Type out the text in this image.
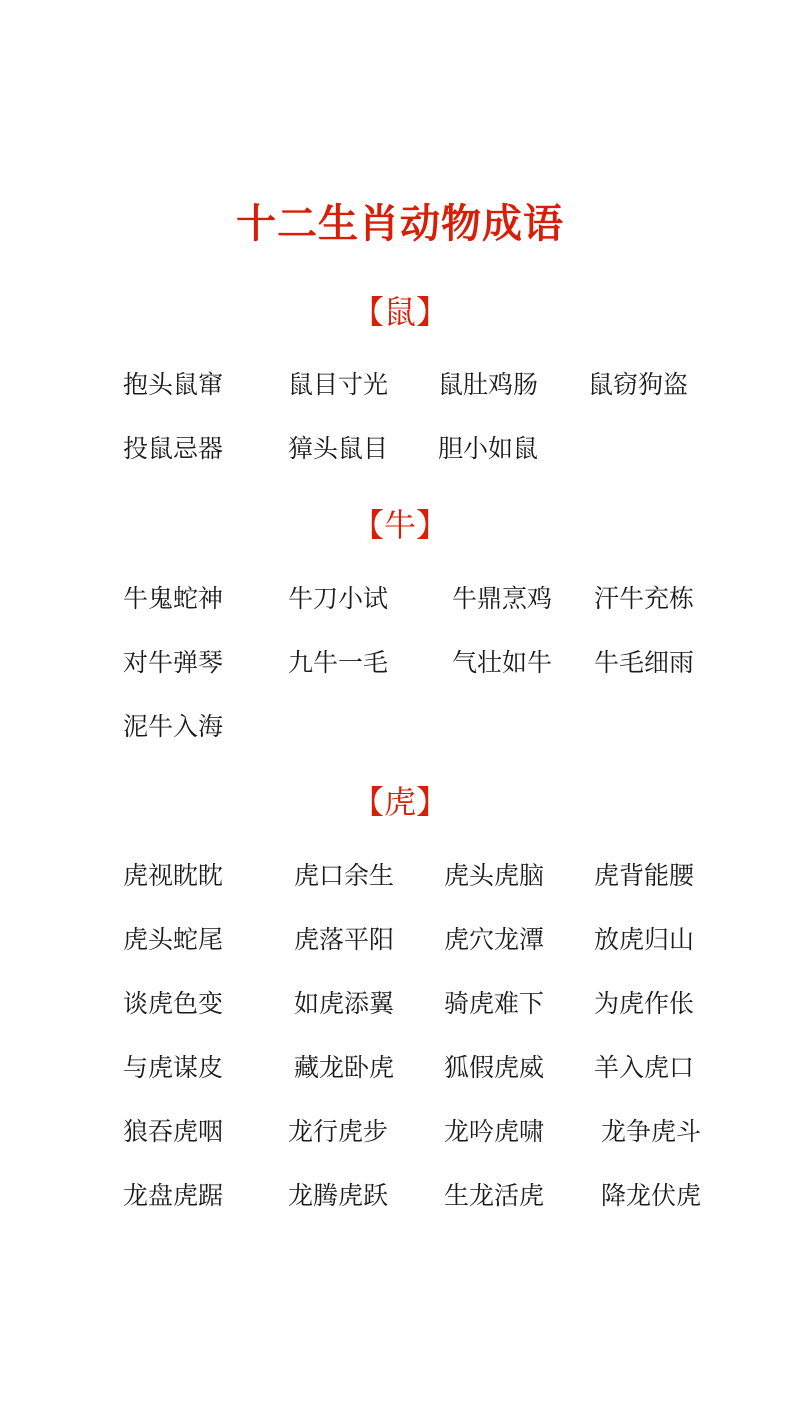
十二生肖动物成语
【鼠】
抱头鼠窜	鼠目寸光 鼠肚鸡肠 鼠窃狗盗
投鼠忌器	獐头鼠目 胆小如鼠
【牛】
牛鬼蛇神	牛刀小试	牛鼎烹鸡 汗牛充栋
对牛弹琴	九牛一毛	气壮如牛 牛毛细雨
泥牛入海
【虎】
虎视眈眈	虎口余生 虎头虎脑 虎背能腰
虎头蛇尾	虎落平阳 虎穴龙潭 放虎归山
谈虎色变	如虎添翼 骑虎难下 为虎作伥
与虎谋皮	藏龙卧虎 狐假虎威 羊入虎口
狼吞虎咽	龙行虎步 龙吟虎啸 龙争虎斗
龙盘虎踞	龙腾虎跃 生龙活虎 降龙伏虎
